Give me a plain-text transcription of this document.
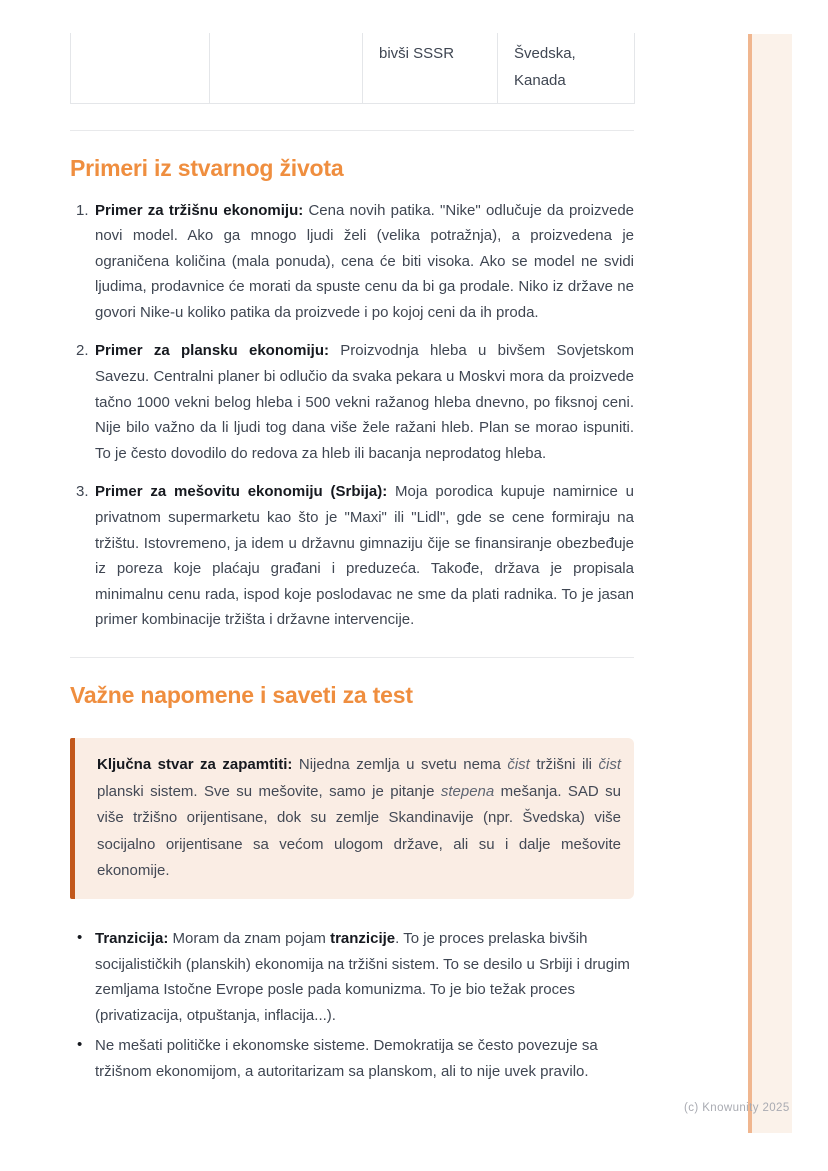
(c) Knowunity 2025
		bivši SSSR	Švedska, Kanada
Primeri iz stvarnog života
1. Primer za tržišnu ekonomiju: Cena novih patika. "Nike" odlučuje da proizvede novi model. Ako ga mnogo ljudi želi (velika potražnja), a proizvedena je ograničena količina (mala ponuda), cena će biti visoka. Ako se model ne svidi ljudima, prodavnice će morati da spuste cenu da bi ga prodale. Niko iz države ne govori Nike-u koliko patika da proizvede i po kojoj ceni da ih proda.
2. Primer za plansku ekonomiju: Proizvodnja hleba u bivšem Sovjetskom Savezu. Centralni planer bi odlučio da svaka pekara u Moskvi mora da proizvede tačno 1000 vekni belog hleba i 500 vekni ražanog hleba dnevno, po fiksnoj ceni. Nije bilo važno da li ljudi tog dana više žele ražani hleb. Plan se morao ispuniti. To je često dovodilo do redova za hleb ili bacanja neprodatog hleba.
3. Primer za mešovitu ekonomiju (Srbija): Moja porodica kupuje namirnice u privatnom supermarketu kao što je "Maxi" ili "Lidl", gde se cene formiraju na tržištu. Istovremeno, ja idem u državnu gimnaziju čije se finansiranje obezbeđuje iz poreza koje plaćaju građani i preduzeća. Takođe, država je propisala minimalnu cenu rada, ispod koje poslodavac ne sme da plati radnika. To je jasan primer kombinacije tržišta i državne intervencije.
Važne napomene i saveti za test
Ključna stvar za zapamtiti: Nijedna zemlja u svetu nema čist tržišni ili čist planski sistem. Sve su mešovite, samo je pitanje stepena mešanja. SAD su više tržišno orijentisane, dok su zemlje Skandinavije (npr. Švedska) više socijalno orijentisane sa većom ulogom države, ali su i dalje mešovite ekonomije.
• Tranzicija: Moram da znam pojam tranzicije. To je proces prelaska bivših socijalističkih (planskih) ekonomija na tržišni sistem. To se desilo u Srbiji i drugim zemljama Istočne Evrope posle pada komunizma. To je bio težak proces (privatizacija, otpuštanja, inflacija...).
• Ne mešati političke i ekonomske sisteme. Demokratija se često povezuje sa tržišnom ekonomijom, a autoritarizam sa planskom, ali to nije uvek pravilo.
